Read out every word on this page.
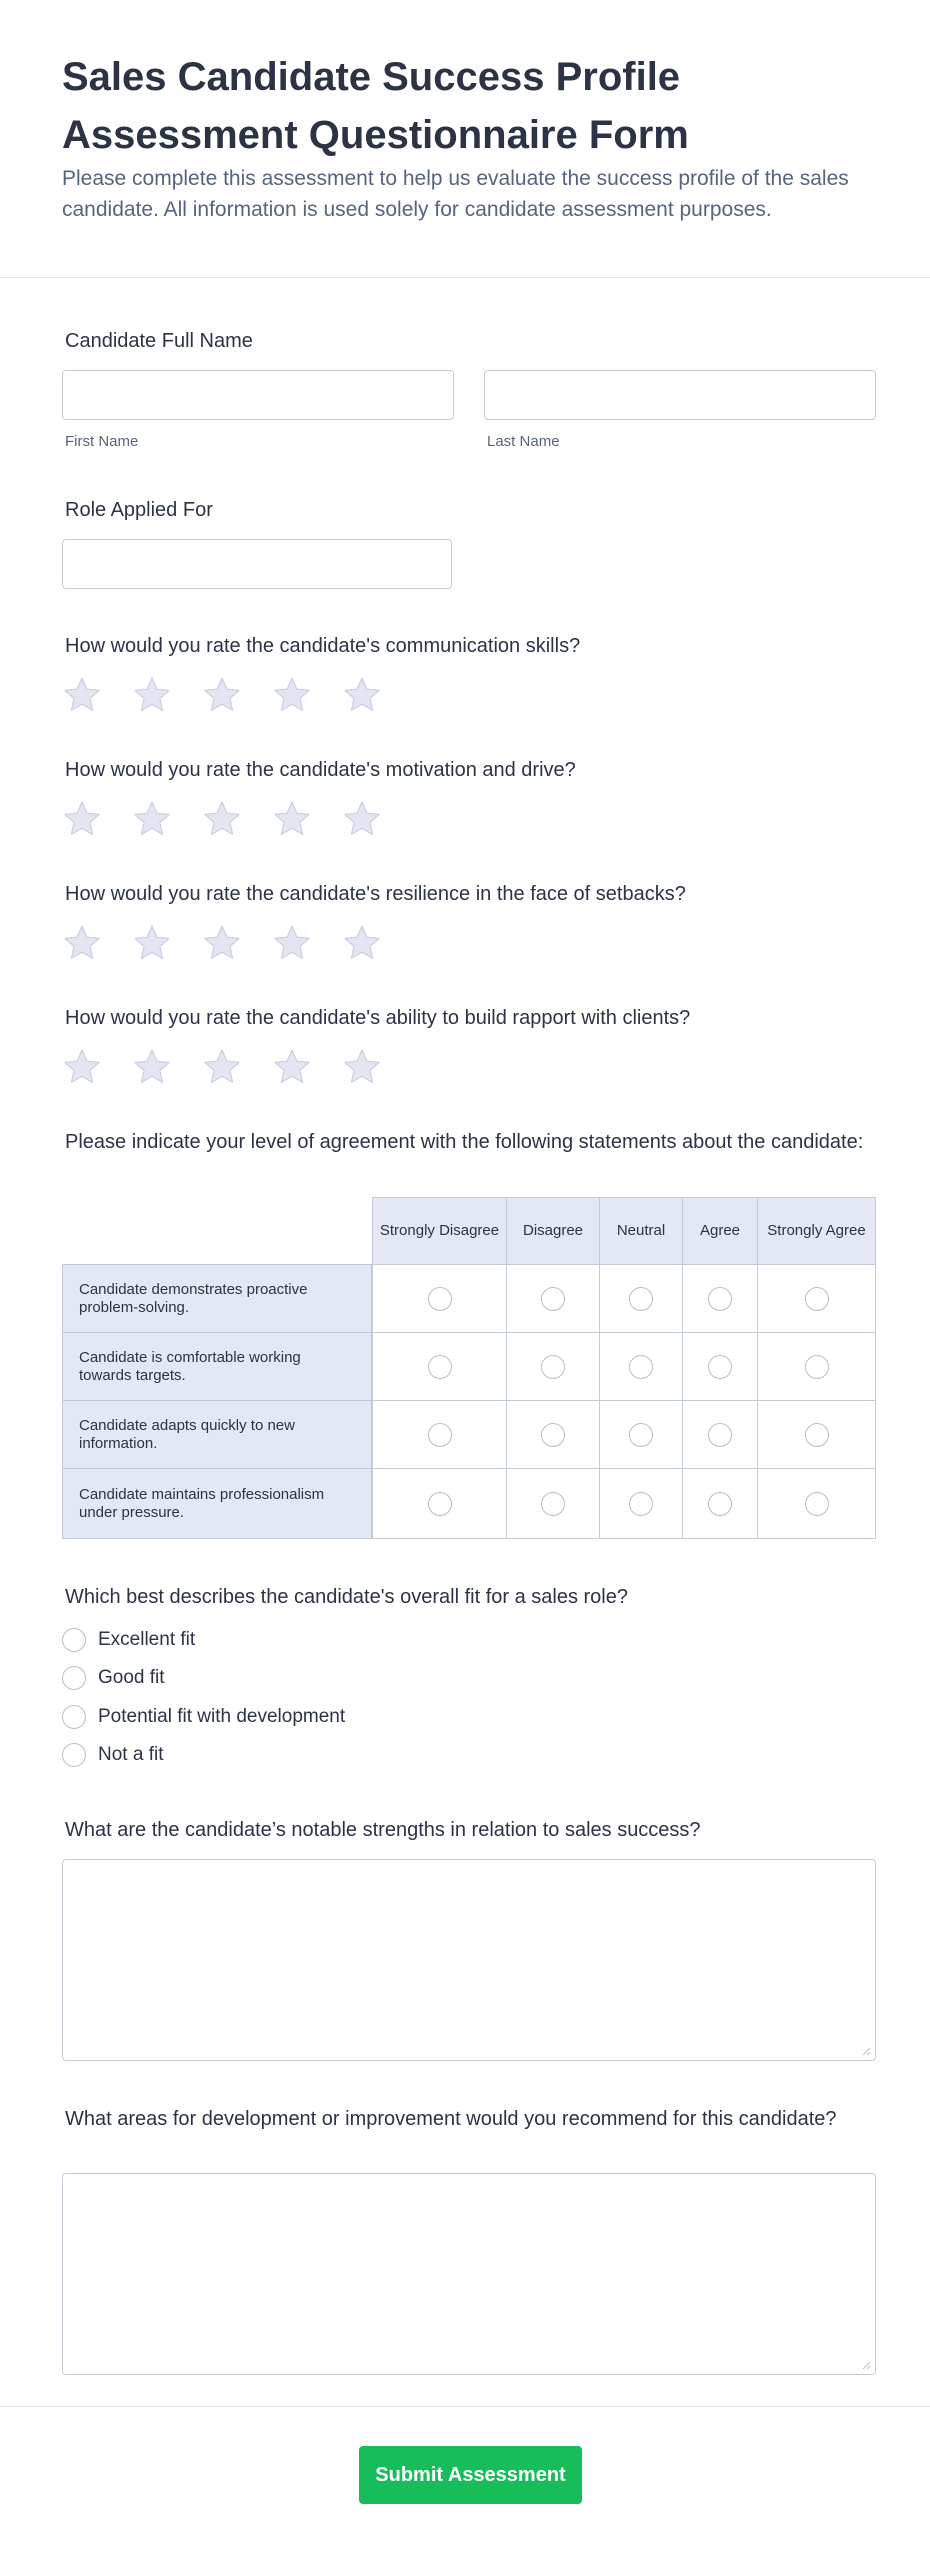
Sales Candidate Success Profile Assessment Questionnaire Form

Please complete this assessment to help us evaluate the success profile of the sales candidate. All information is used solely for candidate assessment purposes.

Candidate Full Name

First Name	Last Name

Role Applied For

How would you rate the candidate's communication skills?

How would you rate the candidate's motivation and drive?

How would you rate the candidate's resilience in the face of setbacks?

How would you rate the candidate's ability to build rapport with clients?

Please indicate your level of agreement with the following statements about the candidate:

Strongly Disagree	Disagree	Neutral	Agree	Strongly Agree
Candidate demonstrates proactive problem-solving.
Candidate is comfortable working towards targets.
Candidate adapts quickly to new information.
Candidate maintains professionalism under pressure.

Which best describes the candidate's overall fit for a sales role?

Excellent fit
Good fit
Potential fit with development
Not a fit

What are the candidate’s notable strengths in relation to sales success?

What areas for development or improvement would you recommend for this candidate?

Submit Assessment
